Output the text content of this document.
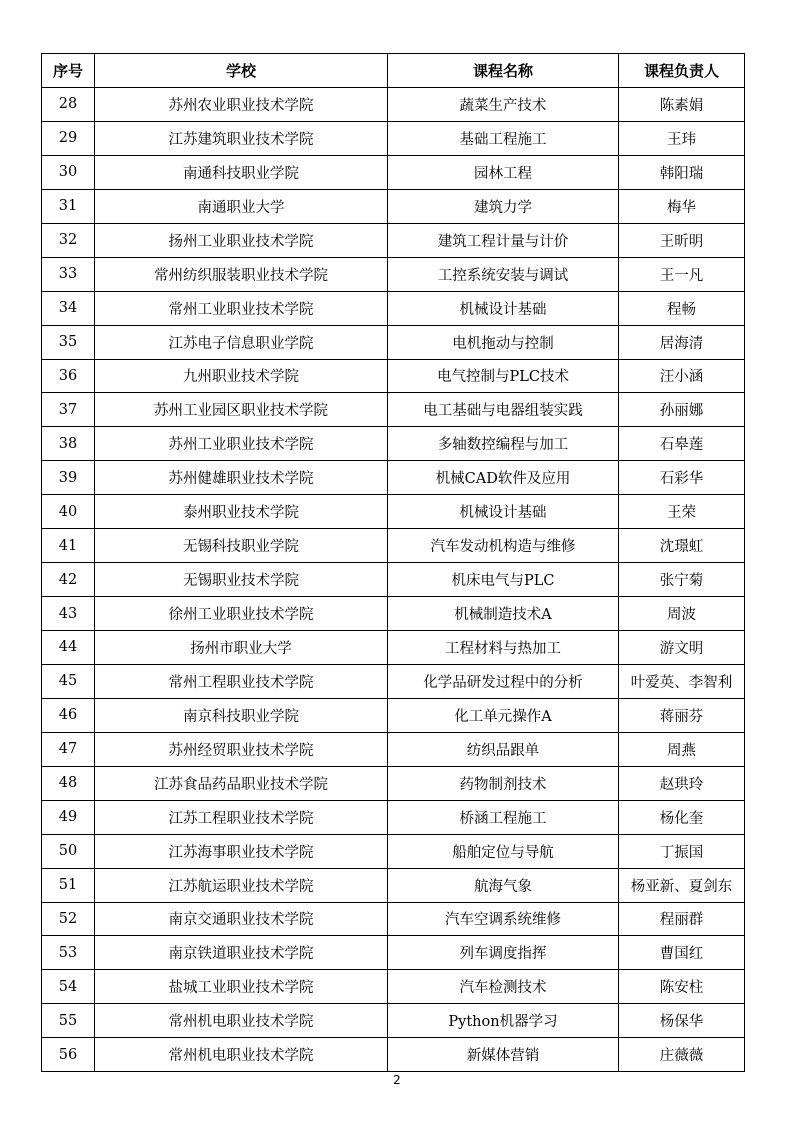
序号	学校	课程名称	课程负责人
28	苏州农业职业技术学院	蔬菜生产技术	陈素娟
29	江苏建筑职业技术学院	基础工程施工	王玮
30	南通科技职业学院	园林工程	韩阳瑞
31	南通职业大学	建筑力学	梅华
32	扬州工业职业技术学院	建筑工程计量与计价	王昕明
33	常州纺织服装职业技术学院	工控系统安装与调试	王一凡
34	常州工业职业技术学院	机械设计基础	程畅
35	江苏电子信息职业学院	电机拖动与控制	居海清
36	九州职业技术学院	电气控制与PLC技术	汪小涵
37	苏州工业园区职业技术学院	电工基础与电器组装实践	孙丽娜
38	苏州工业职业技术学院	多轴数控编程与加工	石皋莲
39	苏州健雄职业技术学院	机械CAD软件及应用	石彩华
40	泰州职业技术学院	机械设计基础	王荣
41	无锡科技职业学院	汽车发动机构造与维修	沈璟虹
42	无锡职业技术学院	机床电气与PLC	张宁菊
43	徐州工业职业技术学院	机械制造技术A	周波
44	扬州市职业大学	工程材料与热加工	游文明
45	常州工程职业技术学院	化学品研发过程中的分析	叶爱英、李智利
46	南京科技职业学院	化工单元操作A	蒋丽芬
47	苏州经贸职业技术学院	纺织品跟单	周燕
48	江苏食品药品职业技术学院	药物制剂技术	赵珙玲
49	江苏工程职业技术学院	桥涵工程施工	杨化奎
50	江苏海事职业技术学院	船舶定位与导航	丁振国
51	江苏航运职业技术学院	航海气象	杨亚新、夏剑东
52	南京交通职业技术学院	汽车空调系统维修	程丽群
53	南京铁道职业技术学院	列车调度指挥	曹国红
54	盐城工业职业技术学院	汽车检测技术	陈安柱
55	常州机电职业技术学院	Python机器学习	杨保华
56	常州机电职业技术学院	新媒体营销	庄薇薇
2
